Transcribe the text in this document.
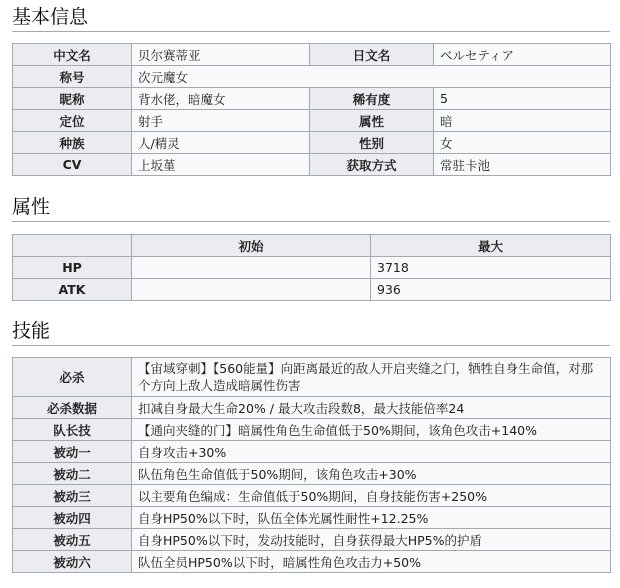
基本信息
中文名	贝尔赛蒂亚	日文名	ベルセティア
称号	次元魔女		
昵称	背水佬，暗魔女	稀有度	5
定位	射手	属性	暗
种族	人/精灵	性别	女
CV	上坂堇	获取方式	常驻卡池
属性
	初始	最大
HP		3718
ATK		936
技能
必杀	【宙域穿刺】【560能量】向距离最近的敌人开启夹缝之门，牺牲自身生命值，对那个方向上敌人造成暗属性伤害
必杀数据	扣减自身最大生命20% / 最大攻击段数8，最大技能倍率24
队长技	【通向夹缝的门】暗属性角色生命值低于50%期间，该角色攻击+140%
被动一	自身攻击+30%
被动二	队伍角色生命值低于50%期间，该角色攻击+30%
被动三	以主要角色编成：生命值低于50%期间，自身技能伤害+250%
被动四	自身HP50%以下时，队伍全体光属性耐性+12.25%
被动五	自身HP50%以下时，发动技能时，自身获得最大HP5%的护盾
被动六	队伍全员HP50%以下时，暗属性角色攻击力+50%
